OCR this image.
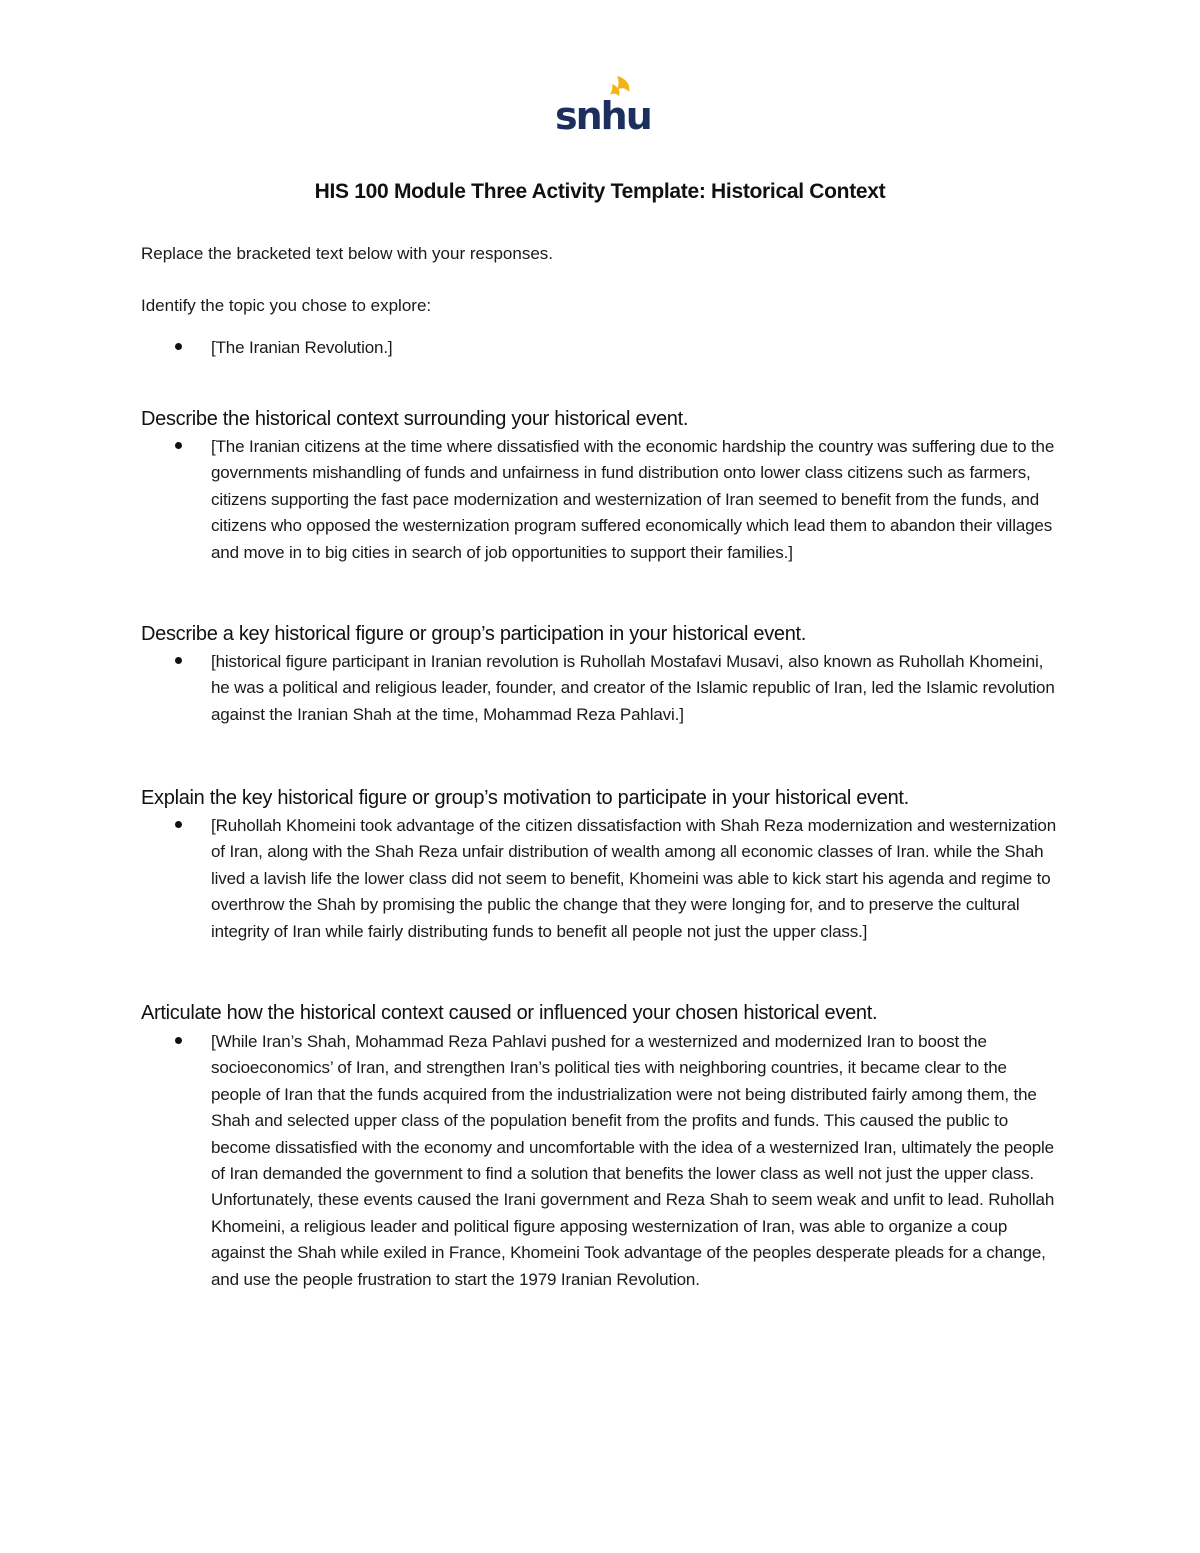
snhu
HIS 100 Module Three Activity Template: Historical Context
Replace the bracketed text below with your responses.
Identify the topic you chose to explore:
[The Iranian Revolution.]
Describe the historical context surrounding your historical event.
[The Iranian citizens at the time where dissatisfied with the economic hardship the country was suffering due to the governments mishandling of funds and unfairness in fund distribution onto lower class citizens such as farmers, citizens supporting the fast pace modernization and westernization of Iran seemed to benefit from the funds, and citizens who opposed the westernization program suffered economically which lead them to abandon their villages and move in to big cities in search of job opportunities to support their families.]
Describe a key historical figure or group’s participation in your historical event.
[historical figure participant in Iranian revolution is Ruhollah Mostafavi Musavi, also known as Ruhollah Khomeini, he was a political and religious leader, founder, and creator of the Islamic republic of Iran, led the Islamic revolution against the Iranian Shah at the time, Mohammad Reza Pahlavi.]
Explain the key historical figure or group’s motivation to participate in your historical event.
[Ruhollah Khomeini took advantage of the citizen dissatisfaction with Shah Reza modernization and westernization of Iran, along with the Shah Reza unfair distribution of wealth among all economic classes of Iran. while the Shah lived a lavish life the lower class did not seem to benefit, Khomeini was able to kick start his agenda and regime to overthrow the Shah by promising the public the change that they were longing for, and to preserve the cultural integrity of Iran while fairly distributing funds to benefit all people not just the upper class.]
Articulate how the historical context caused or influenced your chosen historical event.
[While Iran’s Shah, Mohammad Reza Pahlavi pushed for a westernized and modernized Iran to boost the socioeconomics’ of Iran, and strengthen Iran’s political ties with neighboring countries, it became clear to the people of Iran that the funds acquired from the industrialization were not being distributed fairly among them, the Shah and selected upper class of the population benefit from the profits and funds. This caused the public to become dissatisfied with the economy and uncomfortable with the idea of a westernized Iran, ultimately the people of Iran demanded the government to find a solution that benefits the lower class as well not just the upper class. Unfortunately, these events caused the Irani government and Reza Shah to seem weak and unfit to lead. Ruhollah Khomeini, a religious leader and political figure apposing westernization of Iran, was able to organize a coup against the Shah while exiled in France, Khomeini Took advantage of the peoples desperate pleads for a change, and use the people frustration to start the 1979 Iranian Revolution.
